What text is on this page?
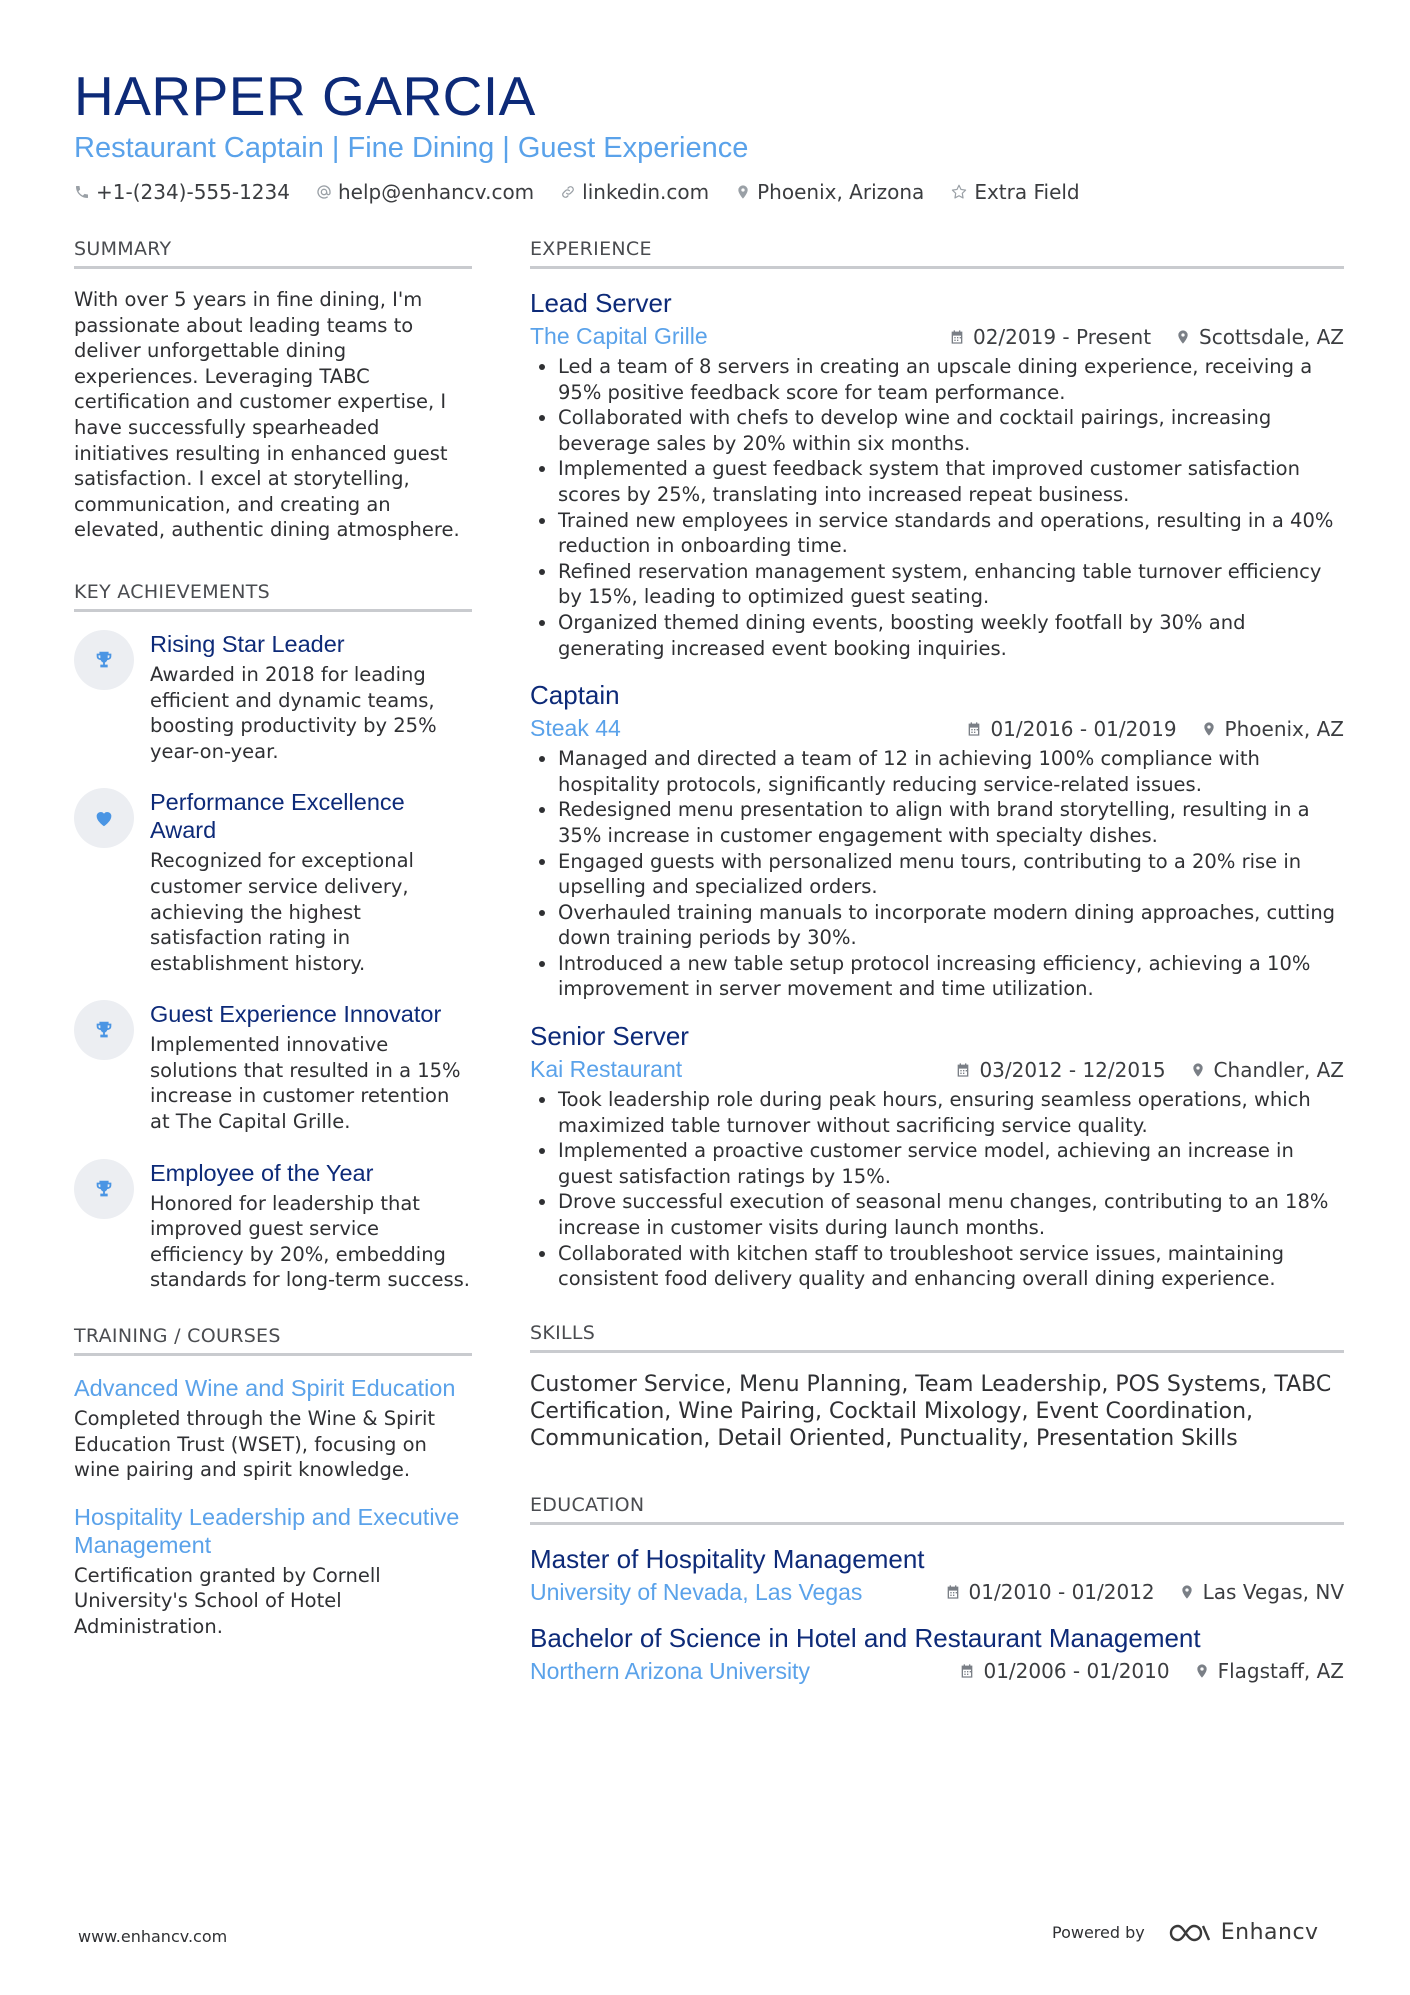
HARPER GARCIA
Restaurant Captain | Fine Dining | Guest Experience
+1-(234)-555-1234 help@enhancv.com linkedin.com Phoenix, Arizona	Extra Field
SUMMARY
With over 5 years in fine dining, I'm passionate about leading teams to deliver unforgettable dining experiences. Leveraging TABC certification and customer expertise, I have successfully spearheaded initiatives resulting in enhanced guest satisfaction. I excel at storytelling, communication, and creating an elevated, authentic dining atmosphere.
KEY ACHIEVEMENTS
Rising Star Leader
Awarded in 2018 for leading efficient and dynamic teams, boosting productivity by 25% year-on-year.
Performance Excellence Award
Recognized for exceptional customer service delivery, achieving the highest satisfaction rating in establishment history.
Guest Experience Innovator
Implemented innovative solutions that resulted in a 15% increase in customer retention at The Capital Grille.
Employee of the Year
Honored for leadership that improved guest service efficiency by 20%, embedding standards for long-term success.
TRAINING / COURSES
Advanced Wine and Spirit Education
Completed through the Wine & Spirit Education Trust (WSET), focusing on wine pairing and spirit knowledge.
Hospitality Leadership and Executive Management
Certification granted by Cornell University's School of Hotel Administration.
EXPERIENCE
Lead Server
The Capital Grille	02/2019 - Present Scottsdale, AZ
• Led a team of 8 servers in creating an upscale dining experience, receiving a 95% positive feedback score for team performance.
• Collaborated with chefs to develop wine and cocktail pairings, increasing beverage sales by 20% within six months.
• Implemented a guest feedback system that improved customer satisfaction scores by 25%, translating into increased repeat business.
• Trained new employees in service standards and operations, resulting in a 40% reduction in onboarding time.
• Refined reservation management system, enhancing table turnover efficiency by 15%, leading to optimized guest seating.
• Organized themed dining events, boosting weekly footfall by 30% and generating increased event booking inquiries.
Captain
Steak 44	01/2016 - 01/2019 Phoenix, AZ
• Managed and directed a team of 12 in achieving 100% compliance with hospitality protocols, significantly reducing service-related issues.
• Redesigned menu presentation to align with brand storytelling, resulting in a 35% increase in customer engagement with specialty dishes.
• Engaged guests with personalized menu tours, contributing to a 20% rise in upselling and specialized orders.
• Overhauled training manuals to incorporate modern dining approaches, cutting down training periods by 30%.
• Introduced a new table setup protocol increasing efficiency, achieving a 10% improvement in server movement and time utilization.
Senior Server
Kai Restaurant	03/2012 - 12/2015 Chandler, AZ
• Took leadership role during peak hours, ensuring seamless operations, which maximized table turnover without sacrificing service quality.
• Implemented a proactive customer service model, achieving an increase in guest satisfaction ratings by 15%.
• Drove successful execution of seasonal menu changes, contributing to an 18% increase in customer visits during launch months.
• Collaborated with kitchen staff to troubleshoot service issues, maintaining consistent food delivery quality and enhancing overall dining experience.
SKILLS
Customer Service, Menu Planning, Team Leadership, POS Systems, TABC Certification, Wine Pairing, Cocktail Mixology, Event Coordination, Communication, Detail Oriented, Punctuality, Presentation Skills
EDUCATION
Master of Hospitality Management
University of Nevada, Las Vegas	01/2010 - 01/2012 Las Vegas, NV
Bachelor of Science in Hotel and Restaurant Management
Northern Arizona University	01/2006 - 01/2010 Flagstaff, AZ
www.enhancv.com	Powered by	Enhancv
